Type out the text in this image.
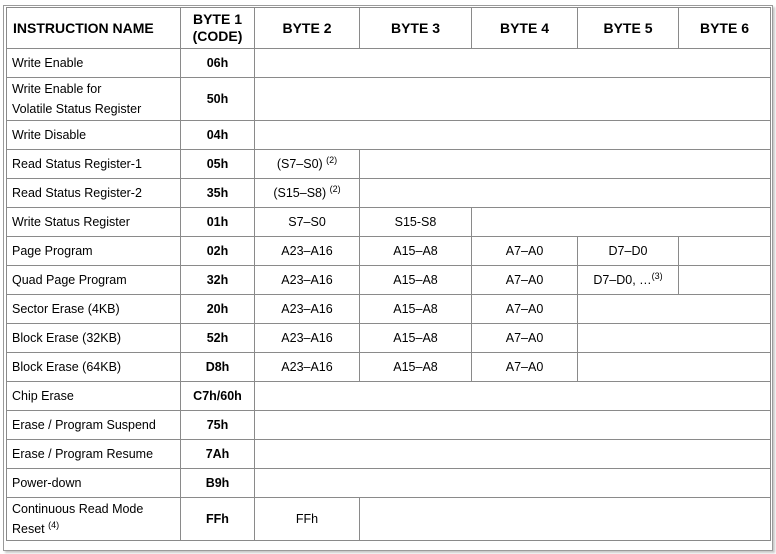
INSTRUCTION NAME	BYTE 1
(CODE)	BYTE 2	BYTE 3	BYTE 4	BYTE 5	BYTE 6
Write Enable	06h					

Write Enable for
Volatile Status Register	50h					
Write Disable	04h					
Read Status Register-1	05h	(S7–S0) $^{(2)}$	
Read Status Register-2	35h	(S15–S8) $^{(2)}$	
Write Status Register	01h	S7–S0	S15-S8			
Page Program	02h	A23–A16	A15–A8	A7–A0	D7–D0	
Quad Page Program	32h	A23–A16	A15–A8	A7–A0	D7–D0, …$^{(3)}$	
Sector Erase (4KB)	20h	A23–A16	A15–A8	A7–A0		
Block Erase (32KB)	52h	A23–A16	A15–A8	A7–A0		
Block Erase (64KB)	D8h	A23–A16	A15–A8	A7–A0		
Chip Erase	C7h/60h					
Erase / Program Suspend	75h					
Erase / Program Resume	7Ah					
Power-down	B9h					

Continuous Read Mode
Reset $^{(4)}$	FFh	FFh				
